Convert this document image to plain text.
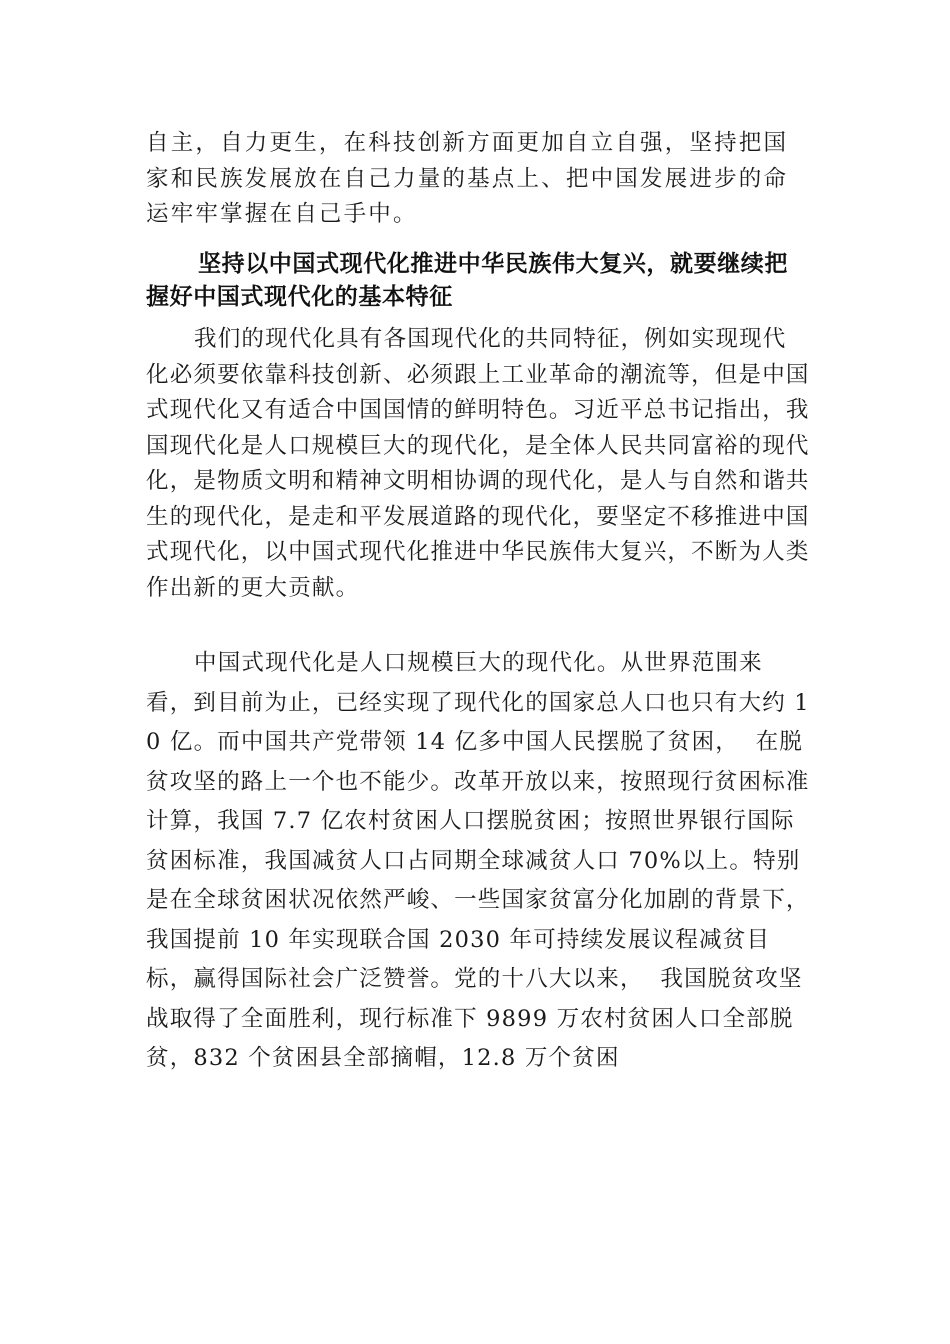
自主，自力更生，在科技创新方面更加自立自强，坚持把国家和民族发展放在自己力量的基点上、把中国发展进步的命运牢牢掌握在自己手中。

坚持以中国式现代化推进中华民族伟大复兴，就要继续把握好中国式现代化的基本特征

我们的现代化具有各国现代化的共同特征，例如实现现代化必须要依靠科技创新、必须跟上工业革命的潮流等，但是中国式现代化又有适合中国国情的鲜明特色。习近平总书记指出，我国现代化是人口规模巨大的现代化，是全体人民共同富裕的现代化，是物质文明和精神文明相协调的现代化，是人与自然和谐共生的现代化，是走和平发展道路的现代化，要坚定不移推进中国式现代化，以中国式现代化推进中华民族伟大复兴，不断为人类作出新的更大贡献。

中国式现代化是人口规模巨大的现代化。从世界范围来看，到目前为止，已经实现了现代化的国家总人口也只有大约 10 亿。而中国共产党带领 14 亿多中国人民摆脱了贫困，  在脱贫攻坚的路上一个也不能少。改革开放以来，按照现行贫困标准计算，我国 7.7 亿农村贫困人口摆脱贫困；按照世界银行国际贫困标准，我国减贫人口占同期全球减贫人口 70%以上。特别是在全球贫困状况依然严峻、一些国家贫富分化加剧的背景下，我国提前 10 年实现联合国 2030 年可持续发展议程减贫目标，赢得国际社会广泛赞誉。党的十八大以来，  我国脱贫攻坚战取得了全面胜利，现行标准下 9899 万农村贫困人口全部脱贫，832 个贫困县全部摘帽，12.8 万个贫困
